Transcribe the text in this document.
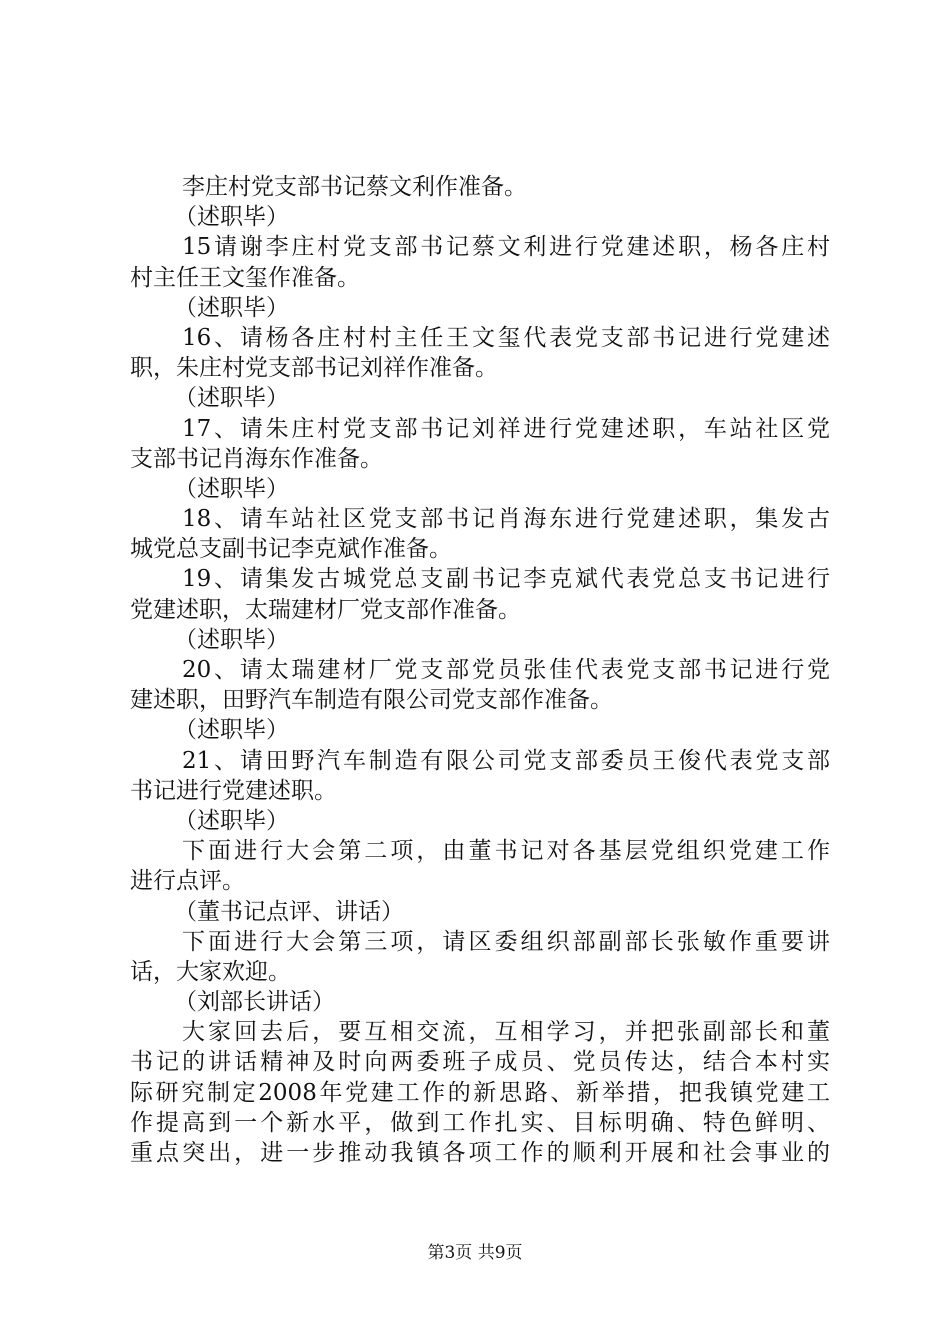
李庄村党支部书记蔡文利作准备。
（述职毕）
15请谢李庄村党支部书记蔡文利进行党建述职，杨各庄村
村主任王文玺作准备。
（述职毕）
16、请杨各庄村村主任王文玺代表党支部书记进行党建述
职，朱庄村党支部书记刘祥作准备。
（述职毕）
17、请朱庄村党支部书记刘祥进行党建述职，车站社区党
支部书记肖海东作准备。
（述职毕）
18、请车站社区党支部书记肖海东进行党建述职，集发古
城党总支副书记李克斌作准备。
19、请集发古城党总支副书记李克斌代表党总支书记进行
党建述职，太瑞建材厂党支部作准备。
（述职毕）
20、请太瑞建材厂党支部党员张佳代表党支部书记进行党
建述职，田野汽车制造有限公司党支部作准备。
（述职毕）
21、请田野汽车制造有限公司党支部委员王俊代表党支部
书记进行党建述职。
（述职毕）
下面进行大会第二项，由董书记对各基层党组织党建工作
进行点评。
（董书记点评、讲话）
下面进行大会第三项，请区委组织部副部长张敏作重要讲
话，大家欢迎。
（刘部长讲话）
大家回去后，要互相交流，互相学习，并把张副部长和董
书记的讲话精神及时向两委班子成员、党员传达，结合本村实
际研究制定2008年党建工作的新思路、新举措，把我镇党建工
作提高到一个新水平，做到工作扎实、目标明确、特色鲜明、
重点突出，进一步推动我镇各项工作的顺利开展和社会事业的
第3页 共9页
